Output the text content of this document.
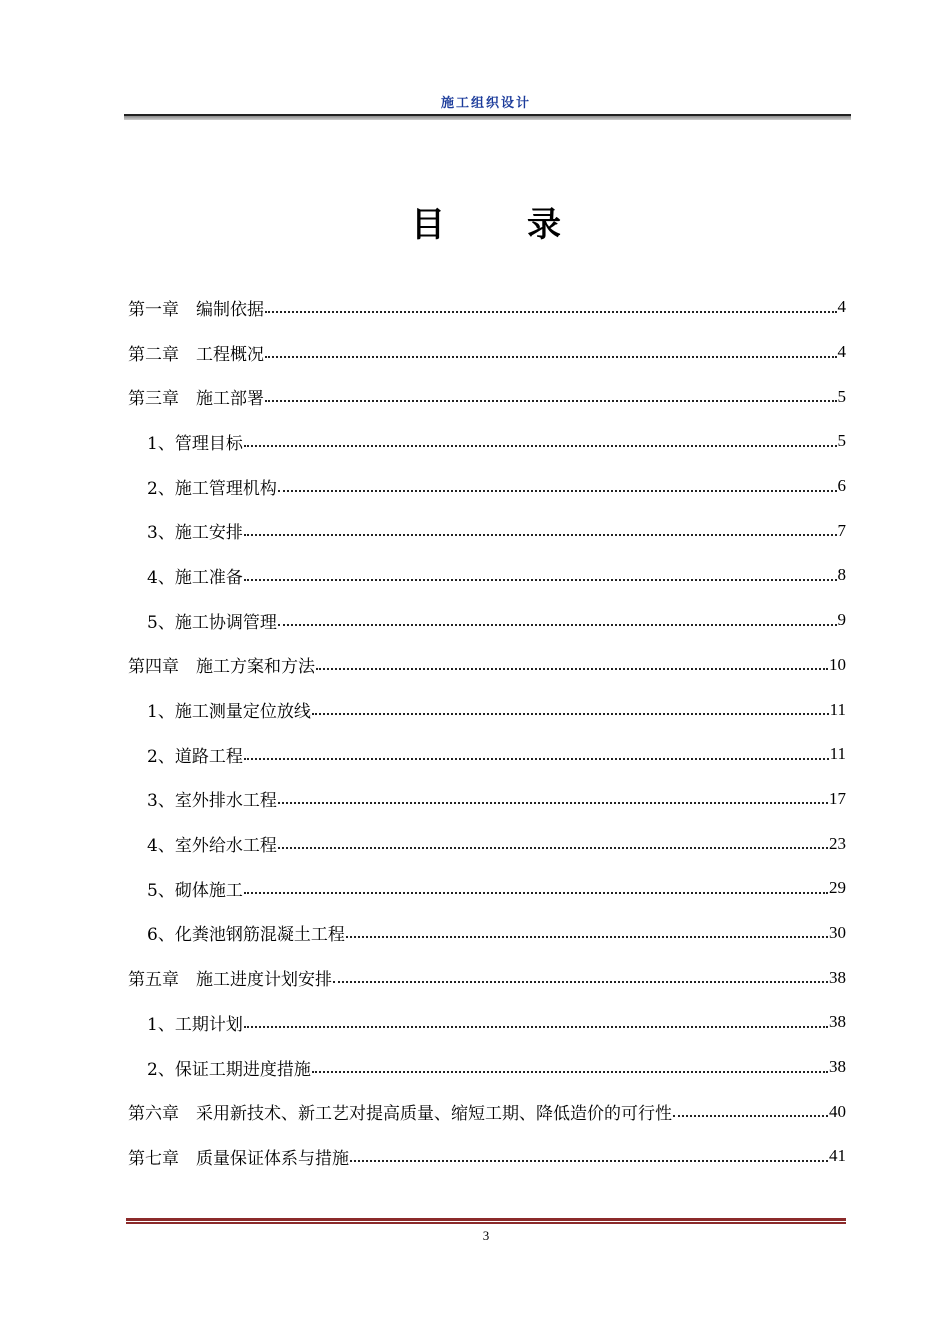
施工组织设计
目 录
第一章　编制依据	4
第二章　工程概况	4
第三章　施工部署	5
1、管理目标	5
2、施工管理机构	6
3、施工安排	7
4、施工准备	8
5、施工协调管理	9
第四章　施工方案和方法	10
1、施工测量定位放线	11
2、道路工程	11
3、室外排水工程	17
4、室外给水工程	23
5、砌体施工	29
6、化粪池钢筋混凝土工程	30
第五章　施工进度计划安排	38
1、工期计划	38
2、保证工期进度措施	38
第六章　采用新技术、新工艺对提高质量、缩短工期、降低造价的可行性	40
第七章　质量保证体系与措施	41
3
